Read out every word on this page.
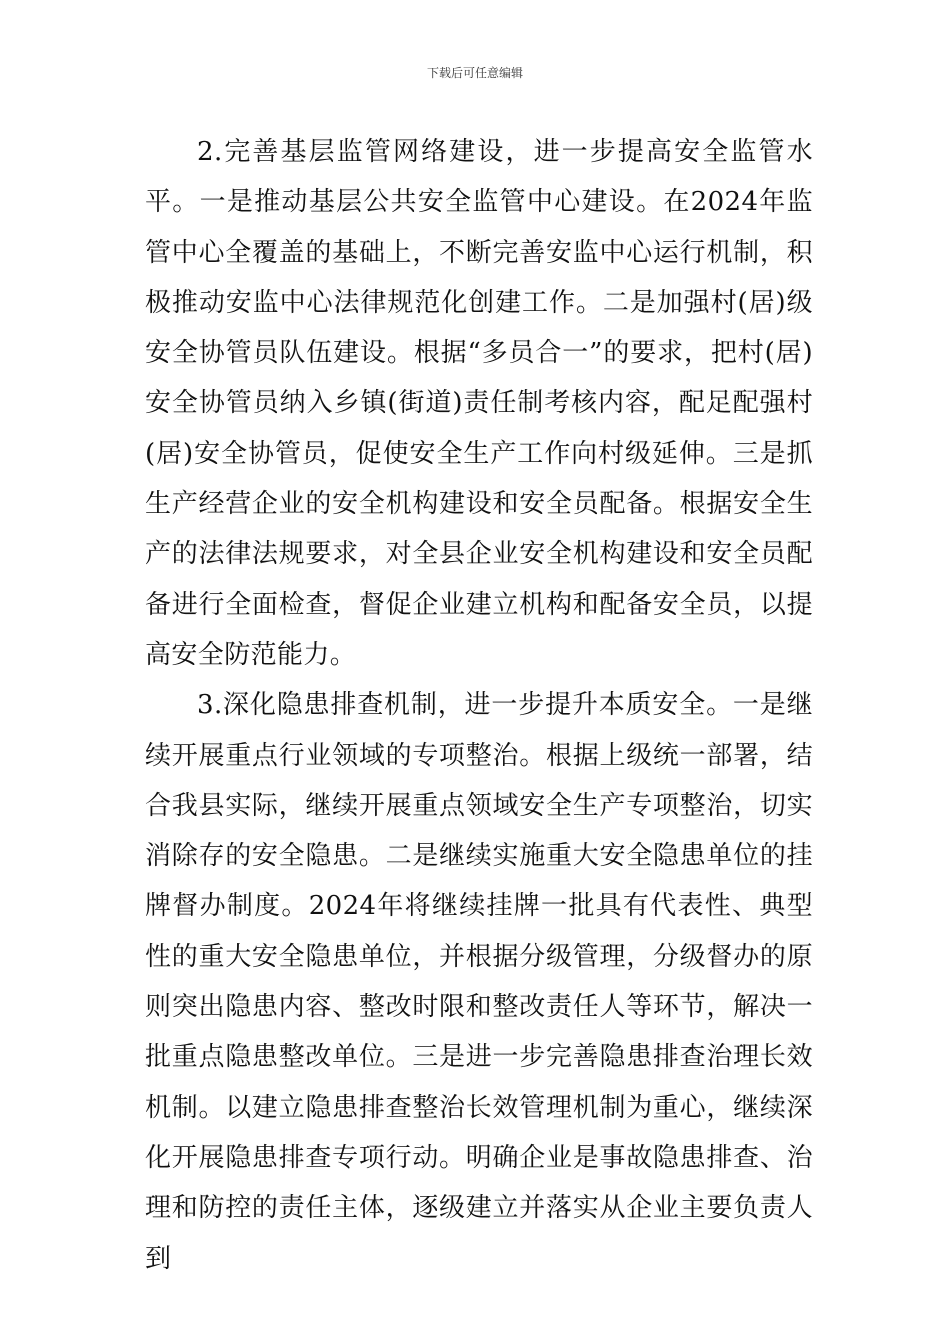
下载后可任意编辑

2.完善基层监管网络建设，进一步提高安全监管水平。一是推动基层公共安全监管中心建设。在2024年监管中心全覆盖的基础上，不断完善安监中心运行机制，积极推动安监中心法律规范化创建工作。二是加强村(居)级安全协管员队伍建设。根据“多员合一”的要求，把村(居)安全协管员纳入乡镇(街道)责任制考核内容，配足配强村(居)安全协管员，促使安全生产工作向村级延伸。三是抓生产经营企业的安全机构建设和安全员配备。根据安全生产的法律法规要求，对全县企业安全机构建设和安全员配备进行全面检查，督促企业建立机构和配备安全员，以提高安全防范能力。

3.深化隐患排查机制，进一步提升本质安全。一是继续开展重点行业领域的专项整治。根据上级统一部署，结合我县实际，继续开展重点领域安全生产专项整治，切实消除存的安全隐患。二是继续实施重大安全隐患单位的挂牌督办制度。2024年将继续挂牌一批具有代表性、典型性的重大安全隐患单位，并根据分级管理，分级督办的原则突出隐患内容、整改时限和整改责任人等环节，解决一批重点隐患整改单位。三是进一步完善隐患排查治理长效机制。以建立隐患排查整治长效管理机制为重心，继续深化开展隐患排查专项行动。明确企业是事故隐患排查、治理和防控的责任主体，逐级建立并落实从企业主要负责人到
